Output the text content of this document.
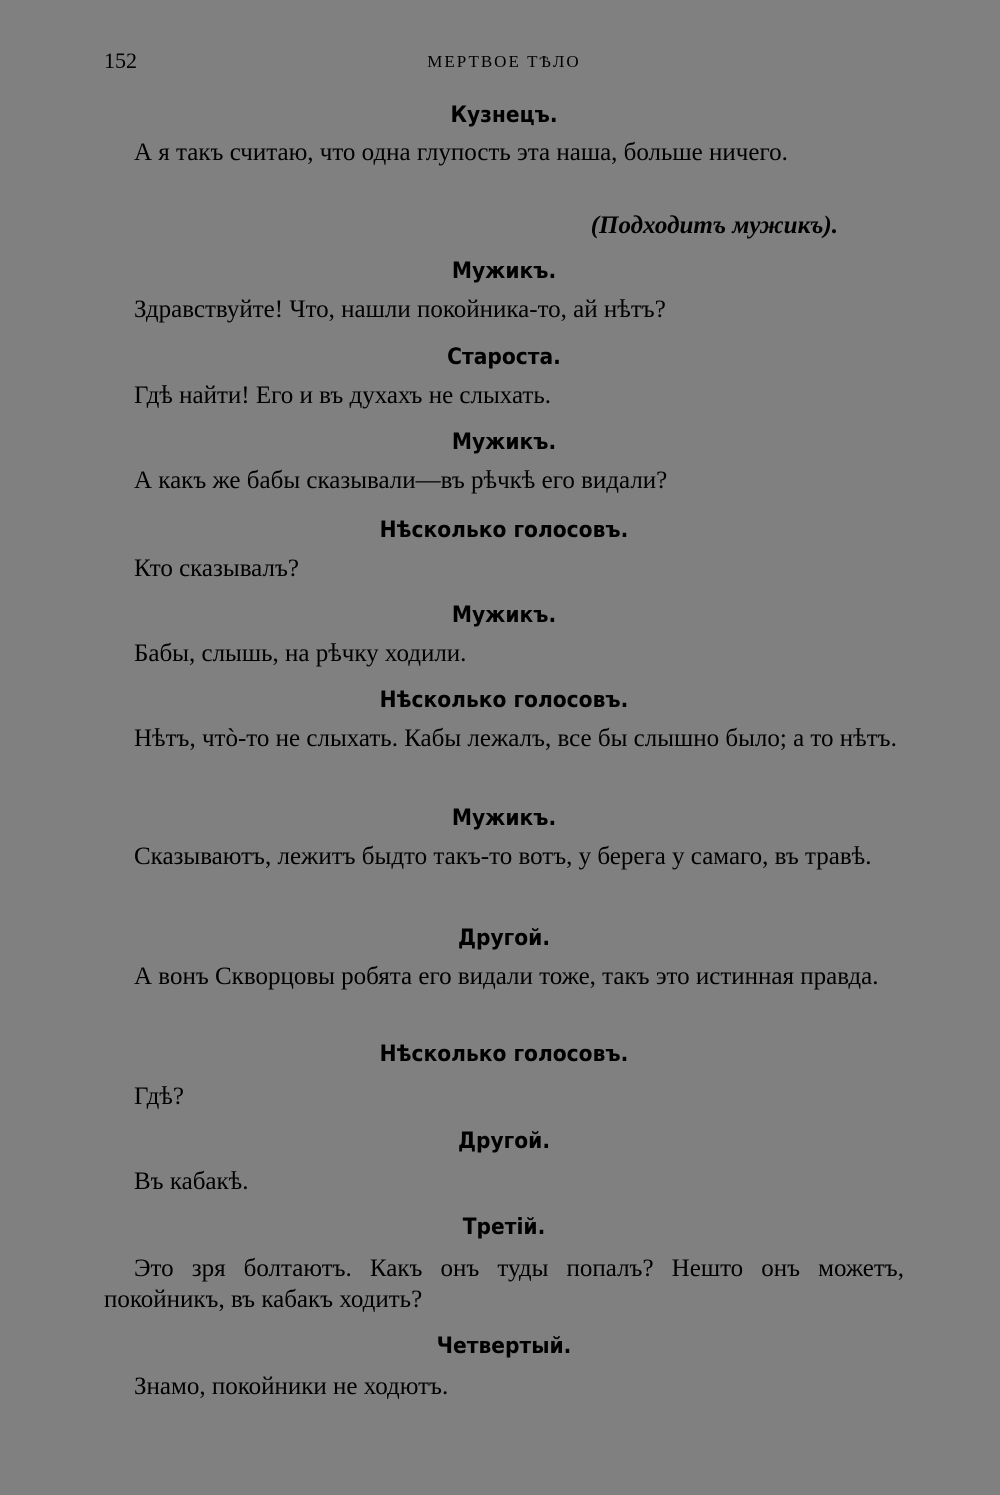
152	МЕРТВОЕ ТѢЛО

Кузнецъ.

А я такъ считаю, что одна глупость эта наша, больше ничего.

(Подходитъ мужикъ).

Мужикъ.

Здравствуйте! Что, нашли покойника-то, ай нѣтъ?

Староста.

Гдѣ найти! Его и въ духахъ не слыхать.

Мужикъ.

А какъ же бабы сказывали—въ рѣчкѣ его видали?

Нѣсколько голосовъ.

Кто сказывалъ?

Мужикъ.

Бабы, слышь, на рѣчку ходили.

Нѣсколько голосовъ.

Нѣтъ, чтò-то не слыхать. Кабы лежалъ, все бы слышно было; а то нѣтъ.

Мужикъ.

Сказываютъ, лежитъ быдто такъ-то вотъ, у берега у самаго, въ травѣ.

Другой.

А вонъ Скворцовы робята его видали тоже, такъ это истинная правда.

Нѣсколько голосовъ.

Гдѣ?

Другой.

Въ кабакѣ.

Третій.

Это зря болтаютъ. Какъ онъ туды попалъ? Нешто онъ можетъ, покойникъ, въ кабакъ ходить?

Четвертый.

Знамо, покойники не ходютъ.
